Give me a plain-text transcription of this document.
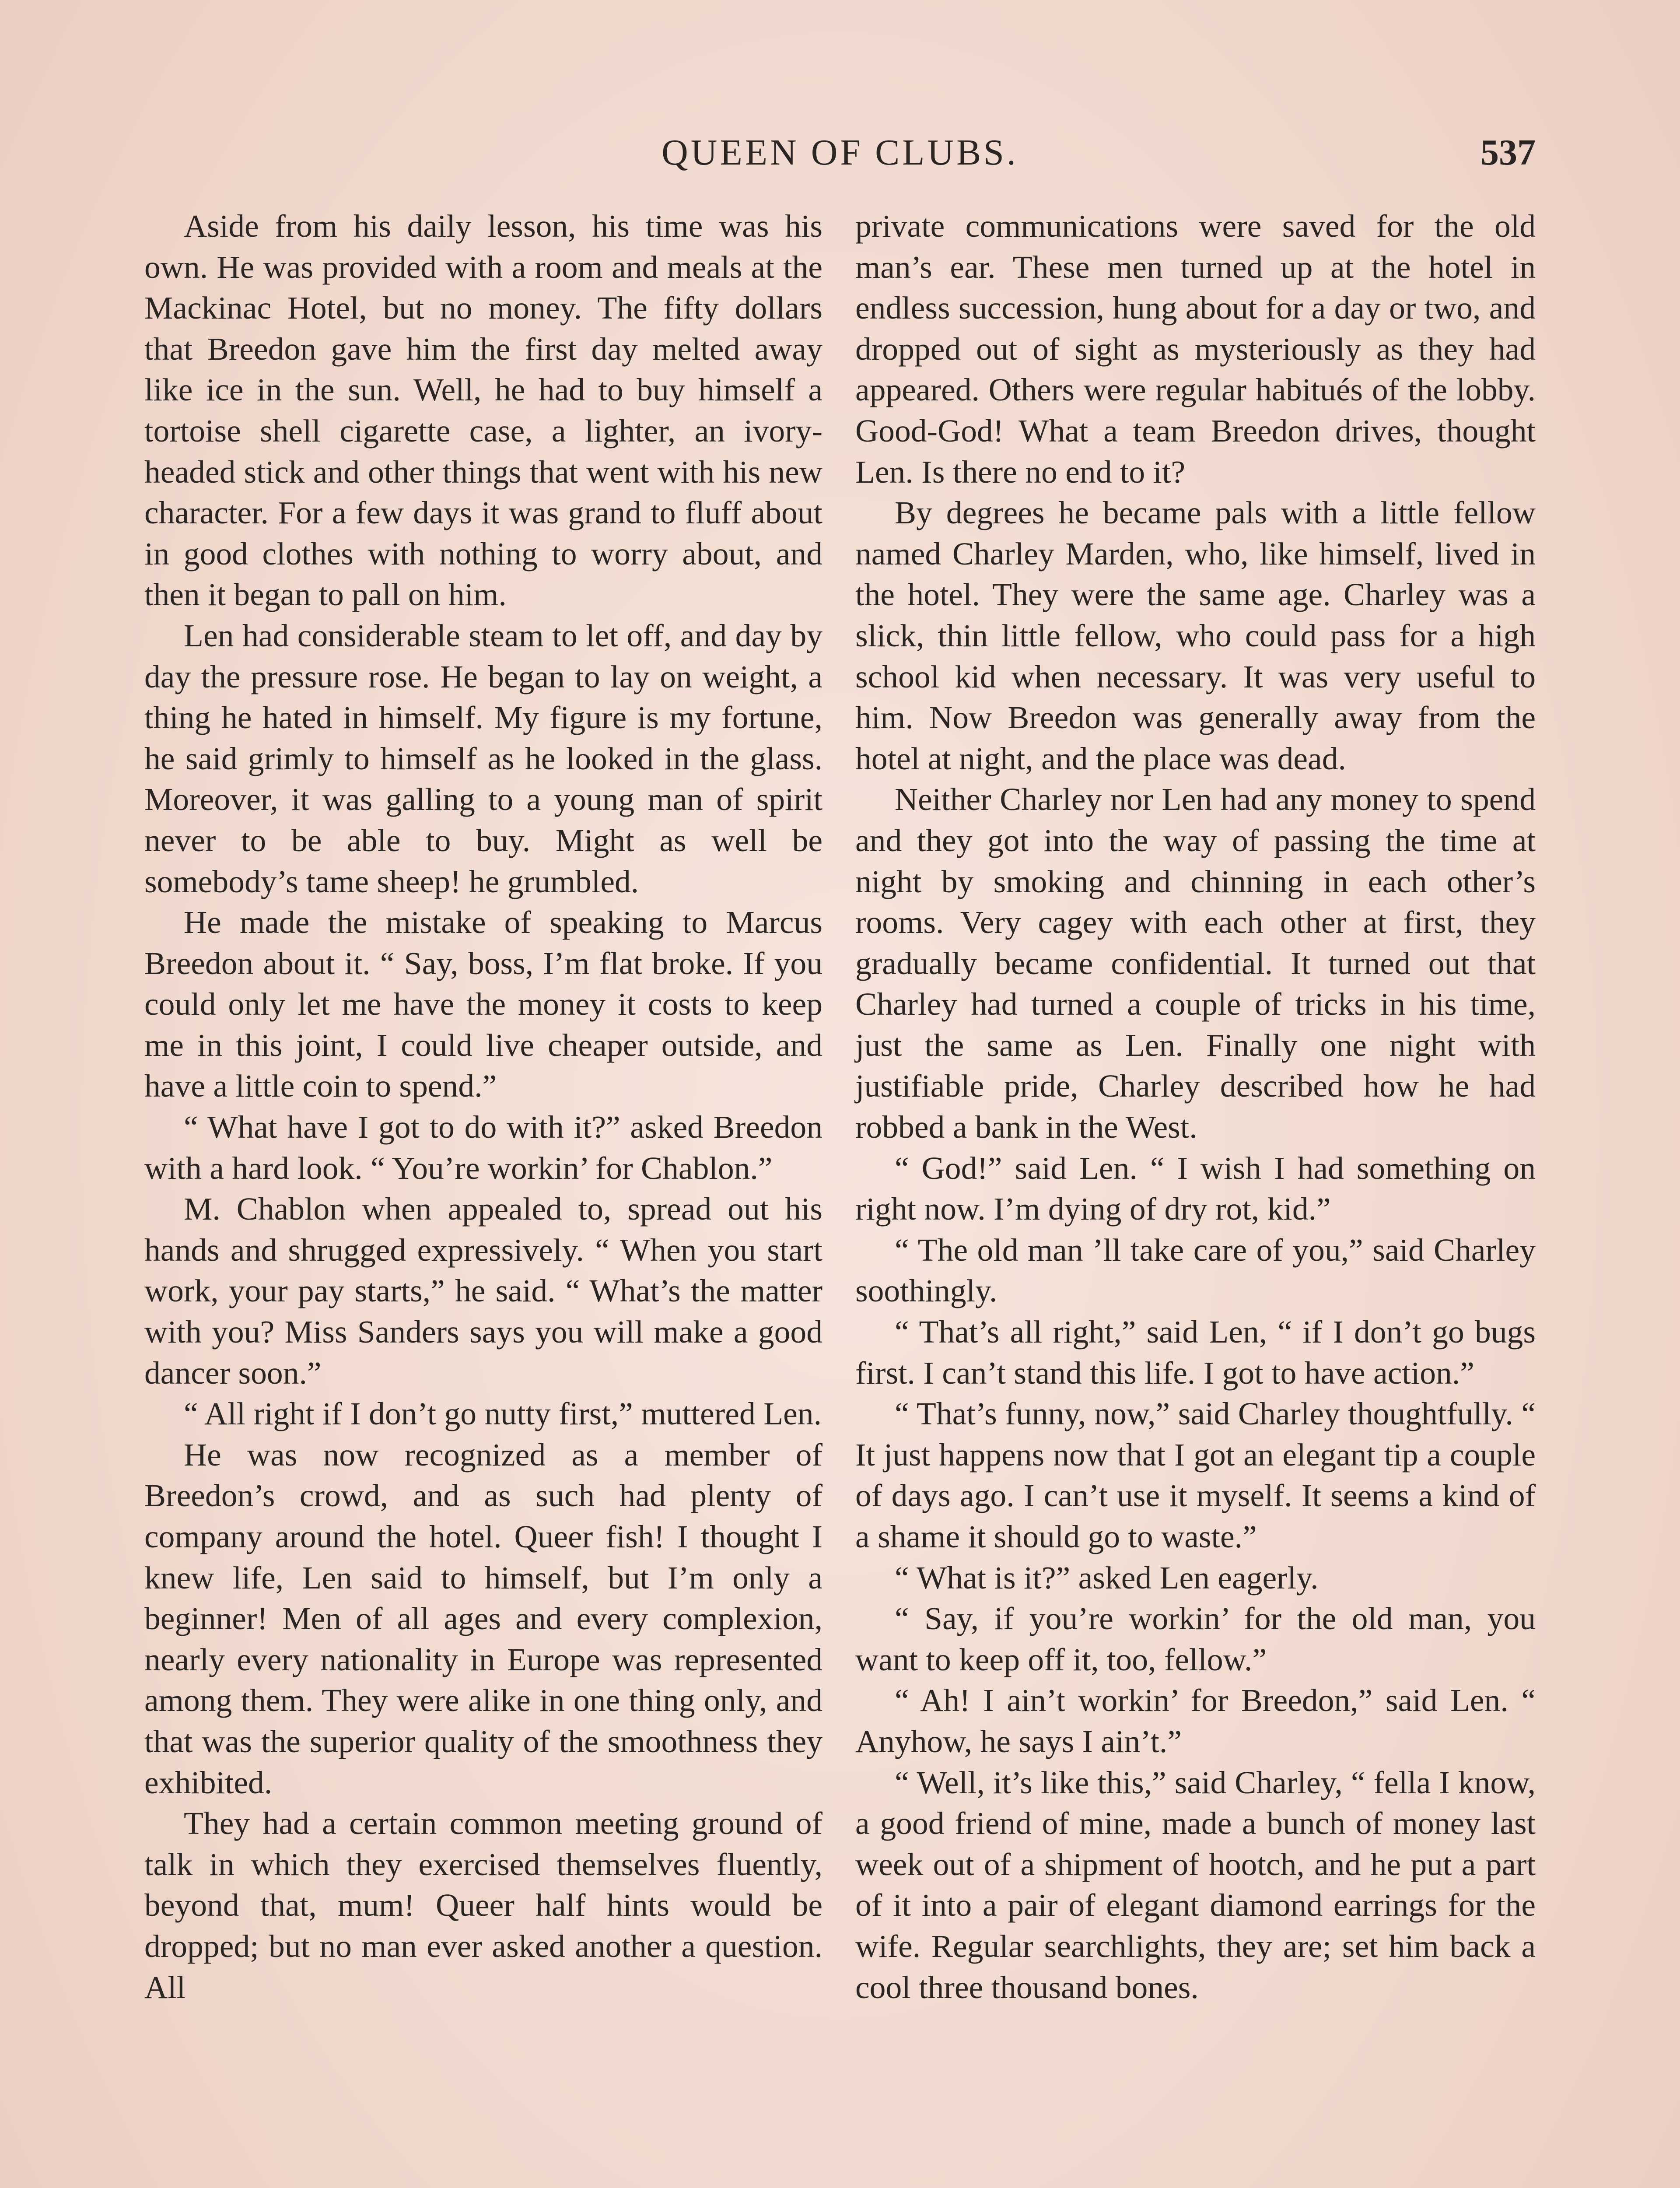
QUEEN OF CLUBS.	537

Aside from his daily lesson, his time was his own. He was provided with a room and meals at the Mackinac Hotel, but no money. The fifty dollars that Breedon gave him the first day melted away like ice in the sun. Well, he had to buy himself a tortoise shell cigarette case, a lighter, an ivory-headed stick and other things that went with his new character. For a few days it was grand to fluff about in good clothes with nothing to worry about, and then it began to pall on him.

Len had considerable steam to let off, and day by day the pressure rose. He began to lay on weight, a thing he hated in himself. My figure is my fortune, he said grimly to himself as he looked in the glass. Moreover, it was galling to a young man of spirit never to be able to buy. Might as well be somebody’s tame sheep! he grumbled.

He made the mistake of speaking to Marcus Breedon about it. “ Say, boss, I’m flat broke. If you could only let me have the money it costs to keep me in this joint, I could live cheaper outside, and have a little coin to spend.”

“ What have I got to do with it?” asked Breedon with a hard look. “ You’re workin’ for Chablon.”

M. Chablon when appealed to, spread out his hands and shrugged expressively. “ When you start work, your pay starts,” he said. “ What’s the matter with you? Miss Sanders says you will make a good dancer soon.”

“ All right if I don’t go nutty first,” muttered Len.

He was now recognized as a member of Breedon’s crowd, and as such had plenty of company around the hotel. Queer fish! I thought I knew life, Len said to himself, but I’m only a beginner! Men of all ages and every complexion, nearly every nationality in Europe was represented among them. They were alike in one thing only, and that was the superior quality of the smoothness they exhibited.

They had a certain common meeting ground of talk in which they exercised themselves fluently, beyond that, mum! Queer half hints would be dropped; but no man ever asked another a question. All

private communications were saved for the old man’s ear. These men turned up at the hotel in endless succession, hung about for a day or two, and dropped out of sight as mysteriously as they had appeared. Others were regular habitués of the lobby. Good-God! What a team Breedon drives, thought Len. Is there no end to it?

By degrees he became pals with a little fellow named Charley Marden, who, like himself, lived in the hotel. They were the same age. Charley was a slick, thin little fellow, who could pass for a high school kid when necessary. It was very useful to him. Now Breedon was generally away from the hotel at night, and the place was dead.

Neither Charley nor Len had any money to spend and they got into the way of passing the time at night by smoking and chinning in each other’s rooms. Very cagey with each other at first, they gradually became confidential. It turned out that Charley had turned a couple of tricks in his time, just the same as Len. Finally one night with justifiable pride, Charley described how he had robbed a bank in the West.

“ God!” said Len. “ I wish I had something on right now. I’m dying of dry rot, kid.”

“ The old man ’ll take care of you,” said Charley soothingly.

“ That’s all right,” said Len, “ if I don’t go bugs first. I can’t stand this life. I got to have action.”

“ That’s funny, now,” said Charley thoughtfully. “ It just happens now that I got an elegant tip a couple of days ago. I can’t use it myself. It seems a kind of a shame it should go to waste.”

“ What is it?” asked Len eagerly.

“ Say, if you’re workin’ for the old man, you want to keep off it, too, fellow.”

“ Ah! I ain’t workin’ for Breedon,” said Len. “ Anyhow, he says I ain’t.”

“ Well, it’s like this,” said Charley, “ fella I know, a good friend of mine, made a bunch of money last week out of a shipment of hootch, and he put a part of it into a pair of elegant diamond earrings for the wife. Regular searchlights, they are; set him back a cool three thousand bones.
